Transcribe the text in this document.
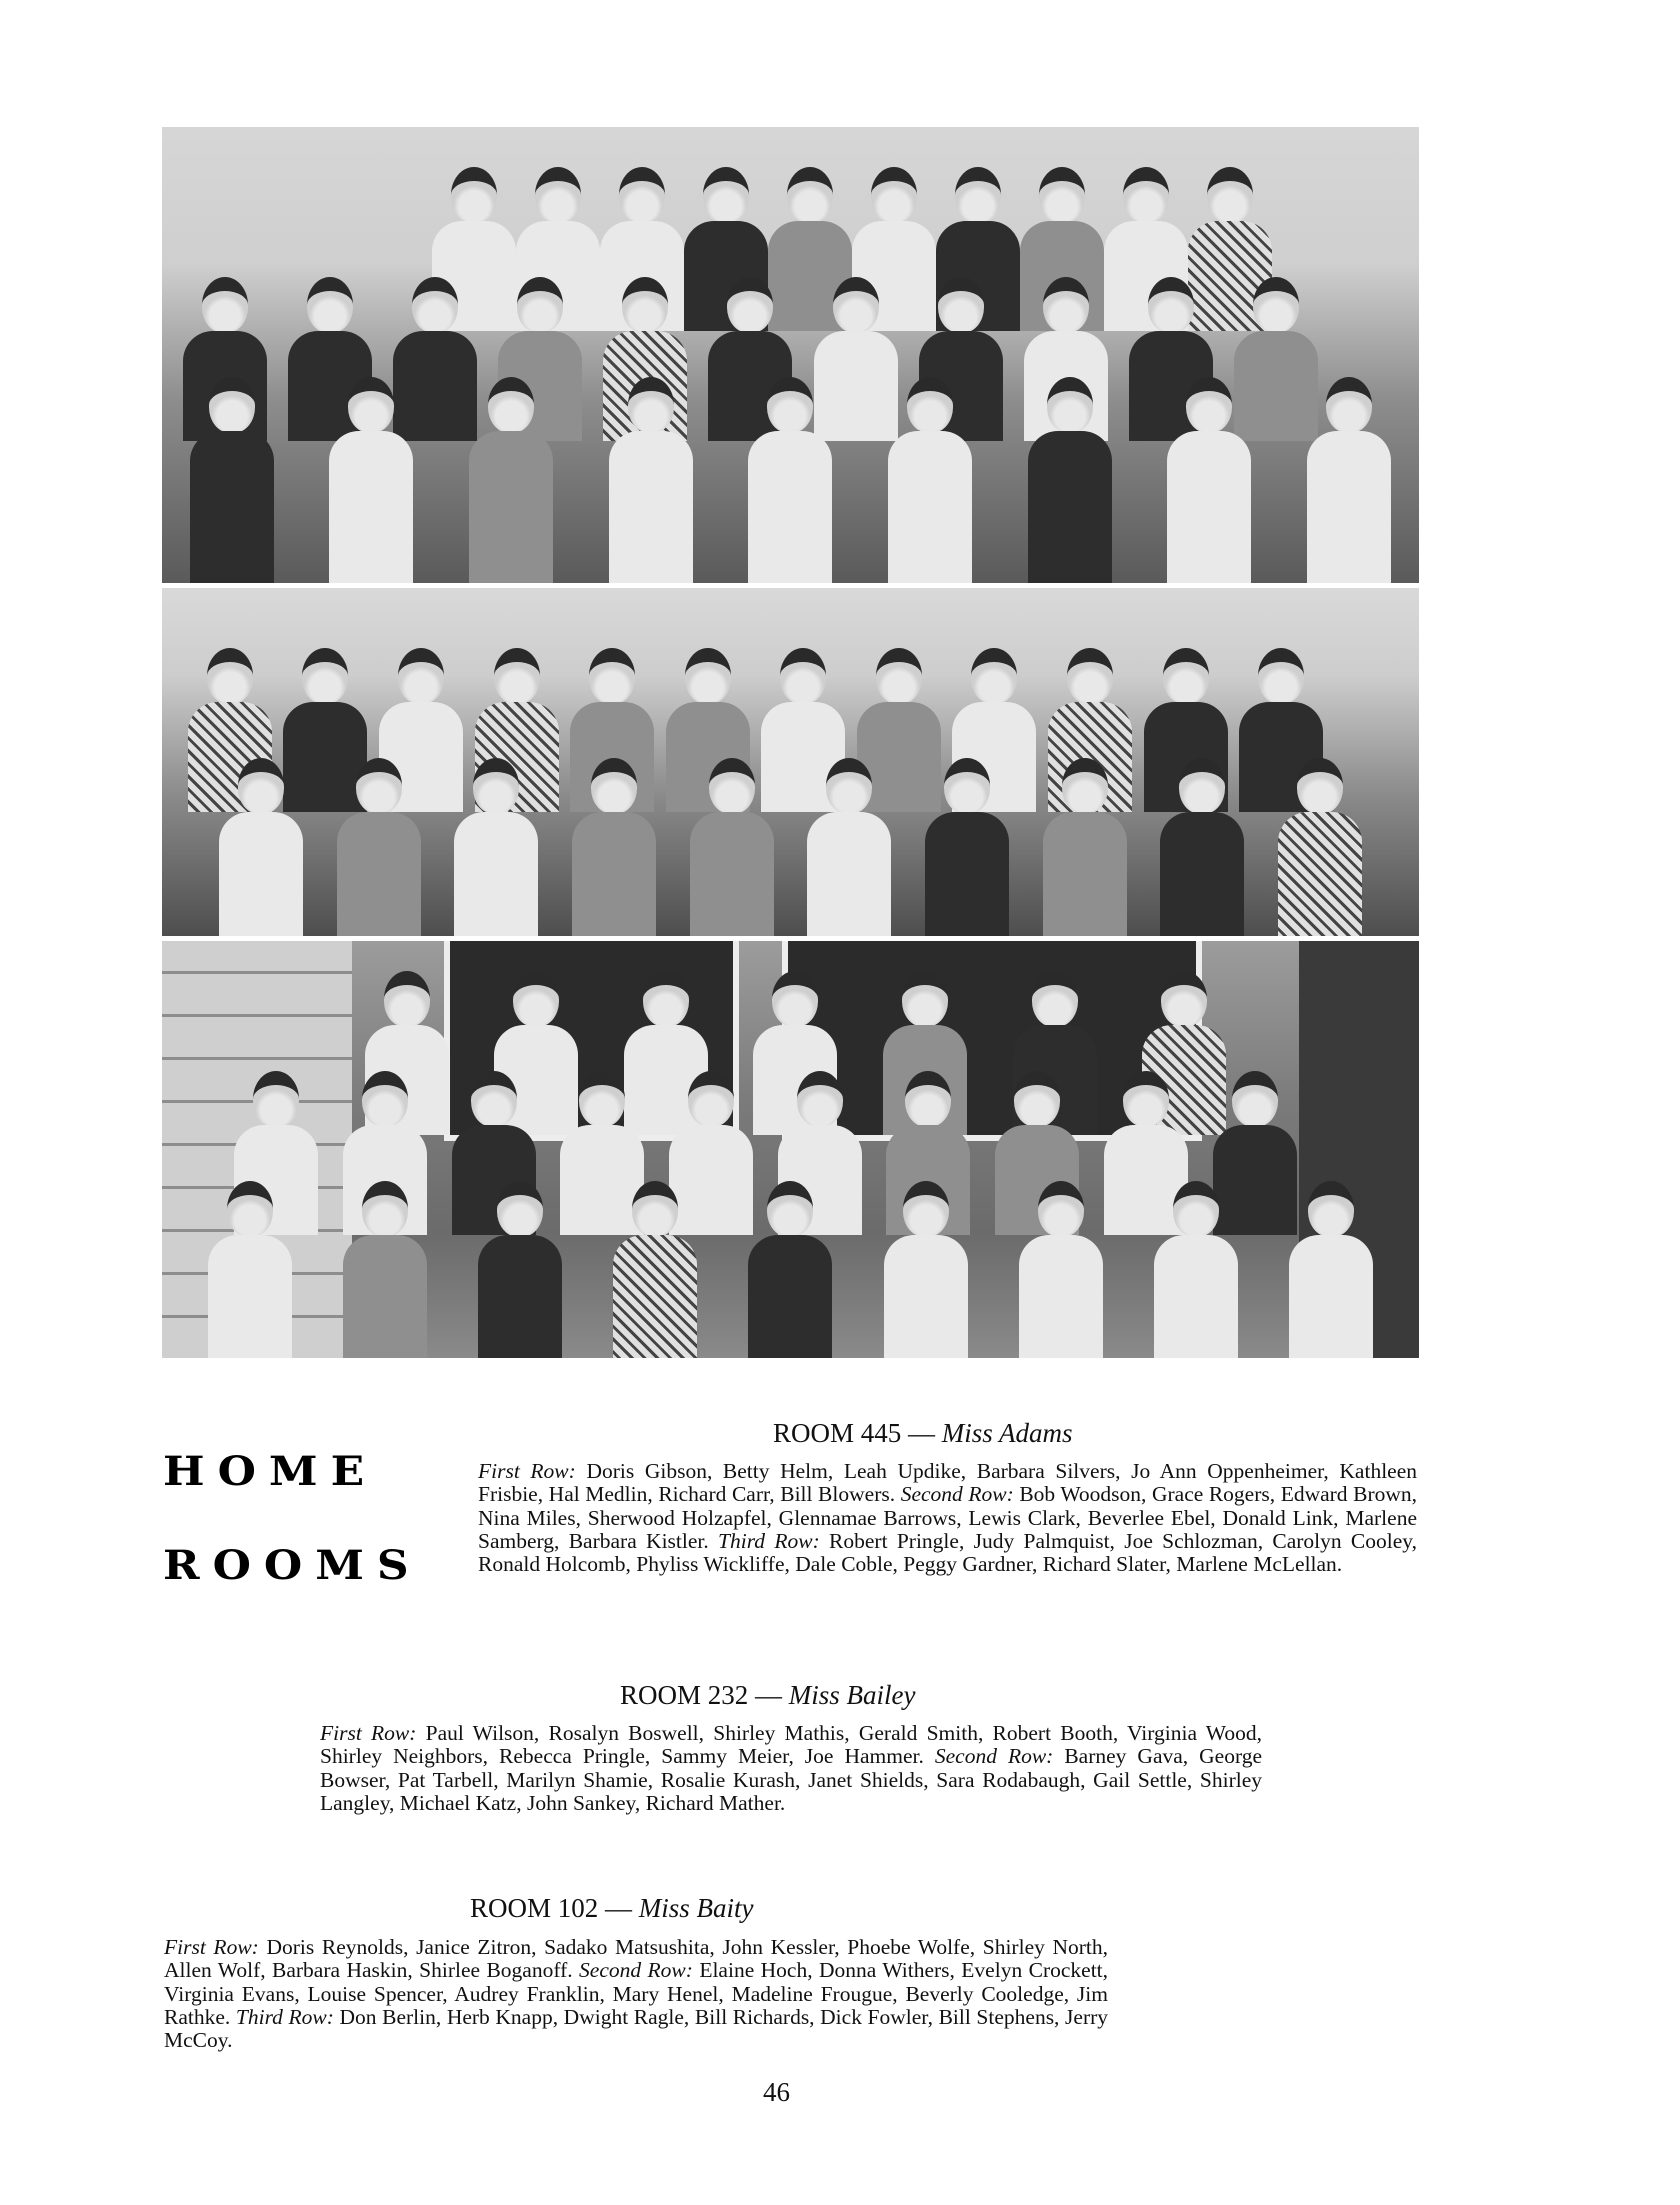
HOME
ROOMS
ROOM 445 — Miss Adams
First Row: Doris Gibson, Betty Helm, Leah Updike, Barbara Silvers, Jo Ann Oppenheimer, Kathleen Frisbie, Hal Medlin, Richard Carr, Bill Blowers. Second Row: Bob Woodson, Grace Rogers, Edward Brown, Nina Miles, Sherwood Holzapfel, Glennamae Barrows, Lewis Clark, Beverlee Ebel, Donald Link, Marlene Samberg, Barbara Kistler. Third Row: Robert Pringle, Judy Palmquist, Joe Schlozman, Carolyn Cooley, Ronald Holcomb, Phyliss Wickliffe, Dale Coble, Peggy Gardner, Richard Slater, Marlene McLellan.
ROOM 232 — Miss Bailey
First Row: Paul Wilson, Rosalyn Boswell, Shirley Mathis, Gerald Smith, Robert Booth, Virginia Wood, Shirley Neighbors, Rebecca Pringle, Sammy Meier, Joe Hammer. Second Row: Barney Gava, George Bowser, Pat Tarbell, Marilyn Shamie, Rosalie Kurash, Janet Shields, Sara Rodabaugh, Gail Settle, Shirley Langley, Michael Katz, John Sankey, Richard Mather.
ROOM 102 — Miss Baity
First Row: Doris Reynolds, Janice Zitron, Sadako Matsushita, John Kessler, Phoebe Wolfe, Shirley North, Allen Wolf, Barbara Haskin, Shirlee Boganoff. Second Row: Elaine Hoch, Donna Withers, Evelyn Crockett, Virginia Evans, Louise Spencer, Audrey Franklin, Mary Henel, Madeline Frougue, Beverly Cooledge, Jim Rathke. Third Row: Don Berlin, Herb Knapp, Dwight Ragle, Bill Richards, Dick Fowler, Bill Stephens, Jerry McCoy.
46
